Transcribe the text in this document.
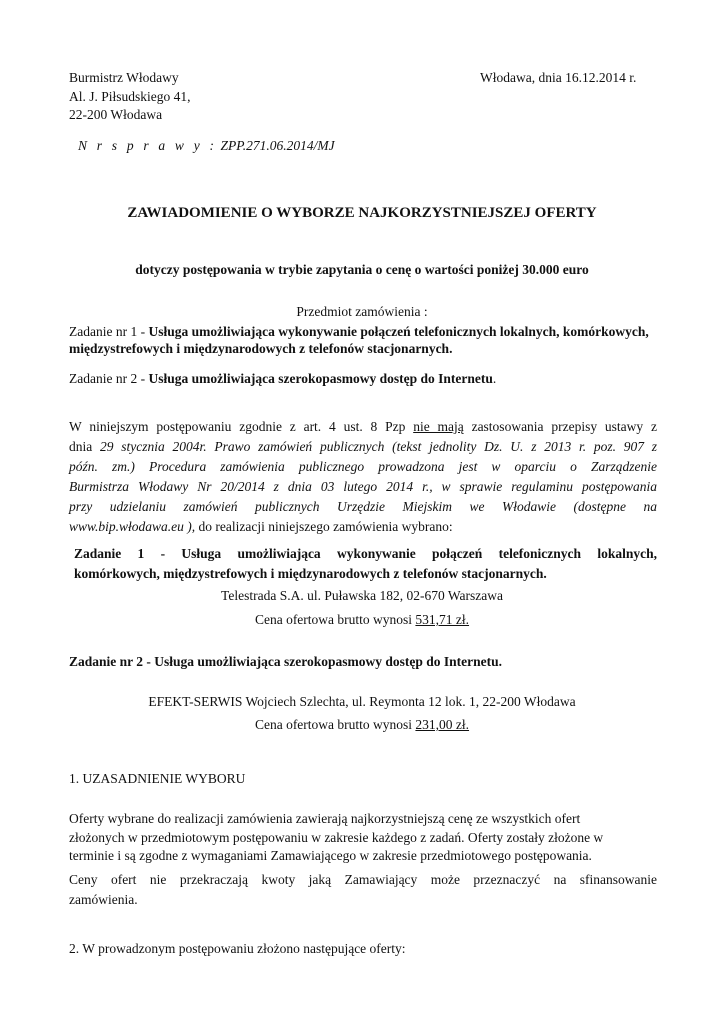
Burmistrz Włodawy
Al. J. Piłsudskiego 41,
22-200 Włodawa
Włodawa, dnia 16.12.2014 r.
N r s p r a w y : ZPP.271.06.2014/MJ
ZAWIADOMIENIE O WYBORZE NAJKORZYSTNIEJSZEJ OFERTY
dotyczy postępowania w trybie zapytania o cenę o wartości poniżej 30.000 euro
Przedmiot zamówienia :
Zadanie nr 1 - Usługa umożliwiająca wykonywanie połączeń telefonicznych lokalnych, komórkowych,
międzystrefowych i międzynarodowych z telefonów stacjonarnych.
Zadanie nr 2 - Usługa umożliwiająca szerokopasmowy dostęp do Internetu.
W niniejszym postępowaniu zgodnie z art. 4 ust. 8 Pzp nie mają zastosowania przepisy ustawy z
dnia 29 stycznia 2004r. Prawo zamówień publicznych (tekst jednolity Dz. U. z 2013 r. poz. 907 z
późn. zm.) Procedura zamówienia publicznego prowadzona jest w oparciu o Zarządzenie
Burmistrza Włodawy Nr 20/2014 z dnia 03 lutego 2014 r., w sprawie regulaminu postępowania
przy udzielaniu zamówień publicznych Urzędzie Miejskim we Włodawie (dostępne na
www.bip.włodawa.eu ), do realizacji niniejszego zamówienia wybrano:
Zadanie 1 - Usługa umożliwiająca wykonywanie połączeń telefonicznych lokalnych,
komórkowych, międzystrefowych i międzynarodowych z telefonów stacjonarnych.
Telestrada S.A. ul. Puławska 182, 02-670 Warszawa
Cena ofertowa brutto wynosi 531,71 zł.
Zadanie nr 2 - Usługa umożliwiająca szerokopasmowy dostęp do Internetu.
EFEKT-SERWIS Wojciech Szlechta, ul. Reymonta 12 lok. 1, 22-200 Włodawa
Cena ofertowa brutto wynosi 231,00 zł.
1. UZASADNIENIE WYBORU
Oferty wybrane do realizacji zamówienia zawierają najkorzystniejszą cenę ze wszystkich ofert
złożonych w przedmiotowym postępowaniu w zakresie każdego z zadań. Oferty zostały złożone w
terminie i są zgodne z wymaganiami Zamawiającego w zakresie przedmiotowego postępowania.
Ceny ofert nie przekraczają kwoty jaką Zamawiający może przeznaczyć na sfinansowanie
zamówienia.
2. W prowadzonym postępowaniu złożono następujące oferty:
